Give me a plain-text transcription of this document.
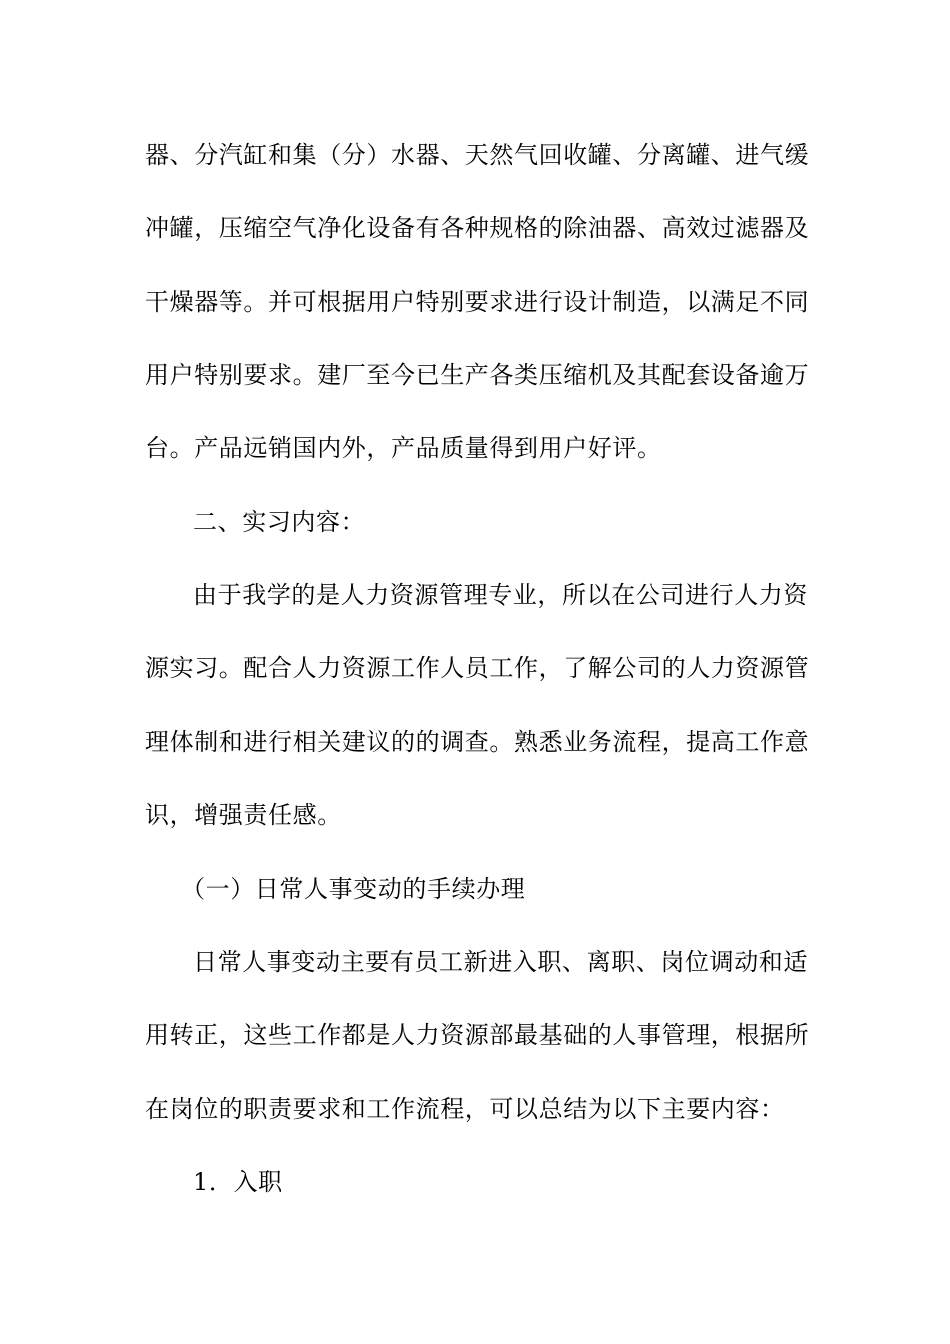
器、分汽缸和集（分）水器、天然气回收罐、分离罐、进气缓
冲罐，压缩空气净化设备有各种规格的除油器、高效过滤器及
干燥器等。并可根据用户特别要求进行设计制造，以满足不同
用户特别要求。建厂至今已生产各类压缩机及其配套设备逾万
台。产品远销国内外，产品质量得到用户好评。
二、实习内容：
由于我学的是人力资源管理专业，所以在公司进行人力资
源实习。配合人力资源工作人员工作，了解公司的人力资源管
理体制和进行相关建议的的调查。熟悉业务流程，提高工作意
识，增强责任感。
（一）日常人事变动的手续办理
日常人事变动主要有员工新进入职、离职、岗位调动和适
用转正，这些工作都是人力资源部最基础的人事管理，根据所
在岗位的职责要求和工作流程，可以总结为以下主要内容：
1．入职
